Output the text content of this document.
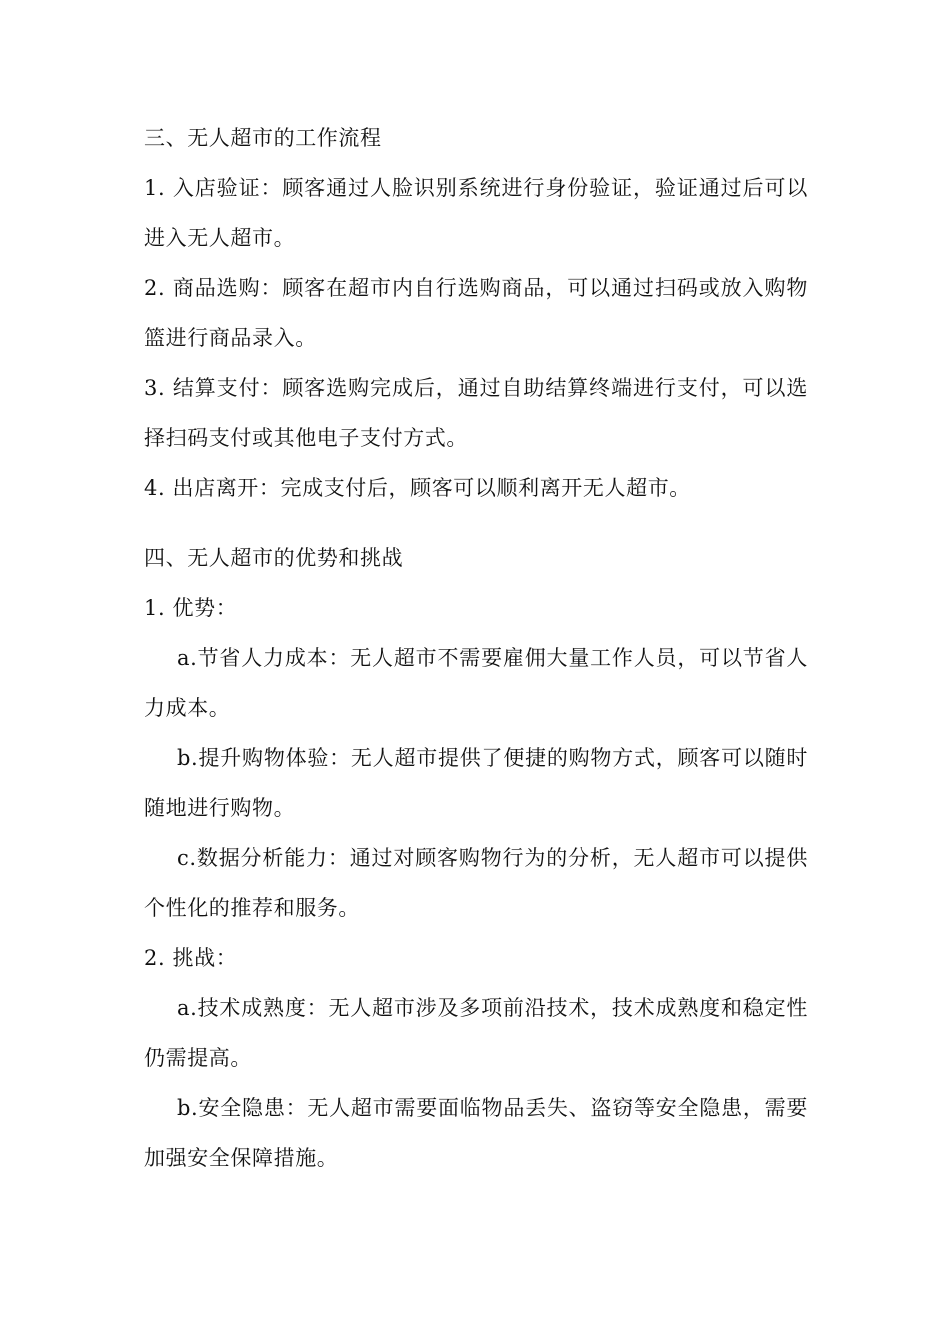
三、无人超市的工作流程

1. 入店验证：顾客通过人脸识别系统进行身份验证，验证通过后可以进入无人超市。

2. 商品选购：顾客在超市内自行选购商品，可以通过扫码或放入购物篮进行商品录入。

3. 结算支付：顾客选购完成后，通过自助结算终端进行支付，可以选择扫码支付或其他电子支付方式。

4. 出店离开：完成支付后，顾客可以顺利离开无人超市。

四、无人超市的优势和挑战

1. 优势：

a.节省人力成本：无人超市不需要雇佣大量工作人员，可以节省人力成本。

b.提升购物体验：无人超市提供了便捷的购物方式，顾客可以随时随地进行购物。

c.数据分析能力：通过对顾客购物行为的分析，无人超市可以提供个性化的推荐和服务。

2. 挑战：

a.技术成熟度：无人超市涉及多项前沿技术，技术成熟度和稳定性仍需提高。

b.安全隐患：无人超市需要面临物品丢失、盗窃等安全隐患，需要加强安全保障措施。
